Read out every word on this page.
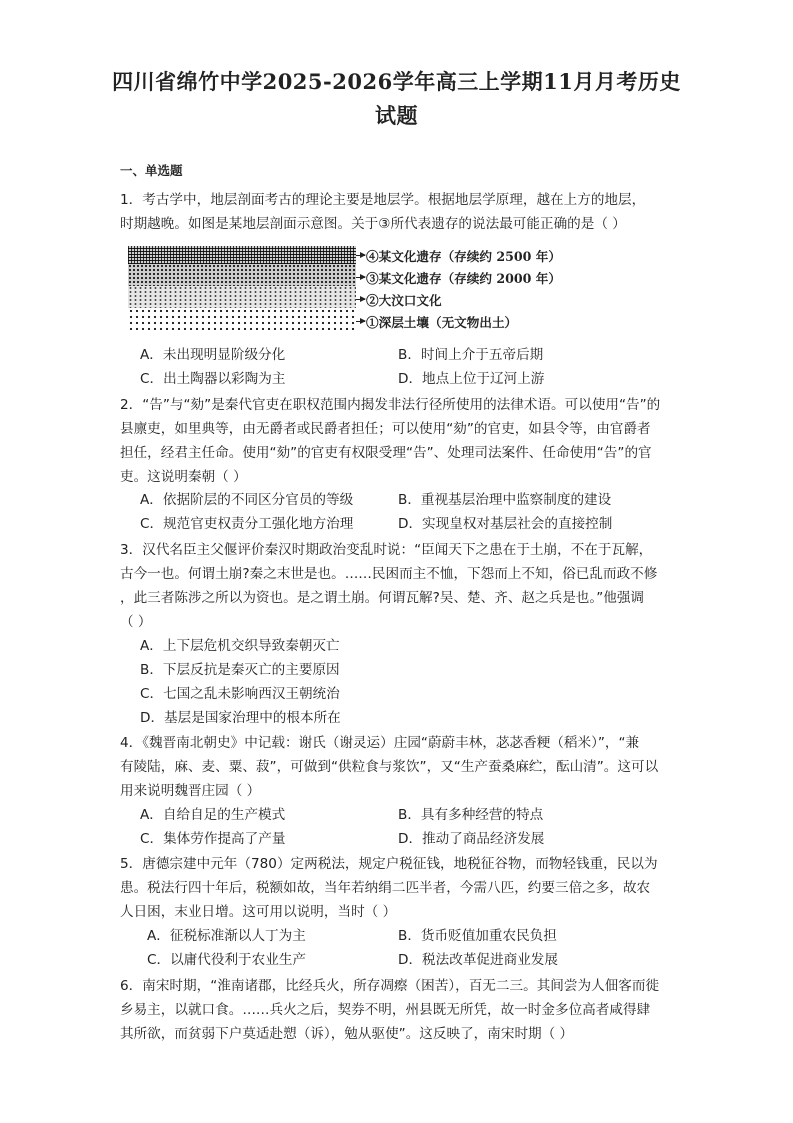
四川省绵竹中学2025-2026学年高三上学期11月月考历史
试题
一、单选题
1．考古学中，地层剖面考古的理论主要是地层学。根据地层学原理，越在上方的地层，
时期越晚。如图是某地层剖面示意图。关于③所代表遗存的说法最可能正确的是（ ）
④某文化遗存（存续约 2500 年）
③某文化遗存（存续约 2000 年）
②大汶口文化
①深层土壤（无文物出土）
A．未出现明显阶级分化	B．时间上介于五帝后期
C．出土陶器以彩陶为主	D．地点上位于辽河上游
2．“告”与“劾”是秦代官吏在职权范围内揭发非法行径所使用的法律术语。可以使用“告”的
县廪吏，如里典等，由无爵者或民爵者担任；可以使用“劾”的官吏，如县令等，由官爵者
担任，经君主任命。使用“劾”的官吏有权限受理“告”、处理司法案件、任命使用“告”的官
吏。这说明秦朝（ ）
A．依据阶层的不同区分官员的等级	B．重视基层治理中监察制度的建设
C．规范官吏权责分工强化地方治理	D．实现皇权对基层社会的直接控制
3．汉代名臣主父偃评价秦汉时期政治变乱时说：“臣闻天下之患在于土崩，不在于瓦解，
古今一也。何谓土崩?秦之末世是也。……民困而主不恤，下怨而上不知，俗已乱而政不修
，此三者陈涉之所以为资也。是之谓土崩。何谓瓦解?吴、楚、齐、赵之兵是也。”他强调
（ ）
A．上下层危机交织导致秦朝灭亡
B．下层反抗是秦灭亡的主要原因
C．七国之乱未影响西汉王朝统治
D．基层是国家治理中的根本所在
4．《魏晋南北朝史》中记载：谢氏（谢灵运）庄园“蔚蔚丰林，苾苾香粳（稻米）”，“兼
有陵陆，麻、麦、粟、菽”，可做到“供粒食与浆饮”，又“生产蚕桑麻纻，酝山清”。这可以
用来说明魏晋庄园（ ）
A．自给自足的生产模式	B．具有多种经营的特点
C．集体劳作提高了产量	D．推动了商品经济发展
5．唐德宗建中元年（780）定两税法，规定户税征钱，地税征谷物，而物轻钱重，民以为
患。税法行四十年后，税额如故，当年若纳绢二匹半者，今需八匹，约要三倍之多，故农
人日困，末业日增。这可用以说明，当时（ ）
A．征税标准渐以人丁为主	B．货币贬值加重农民负担
C．以庸代役利于农业生产	D．税法改革促进商业发展
6．南宋时期，“淮南诸郡，比经兵火，所存凋瘵（困苦），百无二三。其间尝为人佃客而徙
乡易主，以就口食。……兵火之后，契券不明，州县既无所凭，故一时金多位高者咸得肆
其所欲，而贫弱下户莫适赴愬（诉），勉从驱使”。这反映了，南宋时期（ ）
